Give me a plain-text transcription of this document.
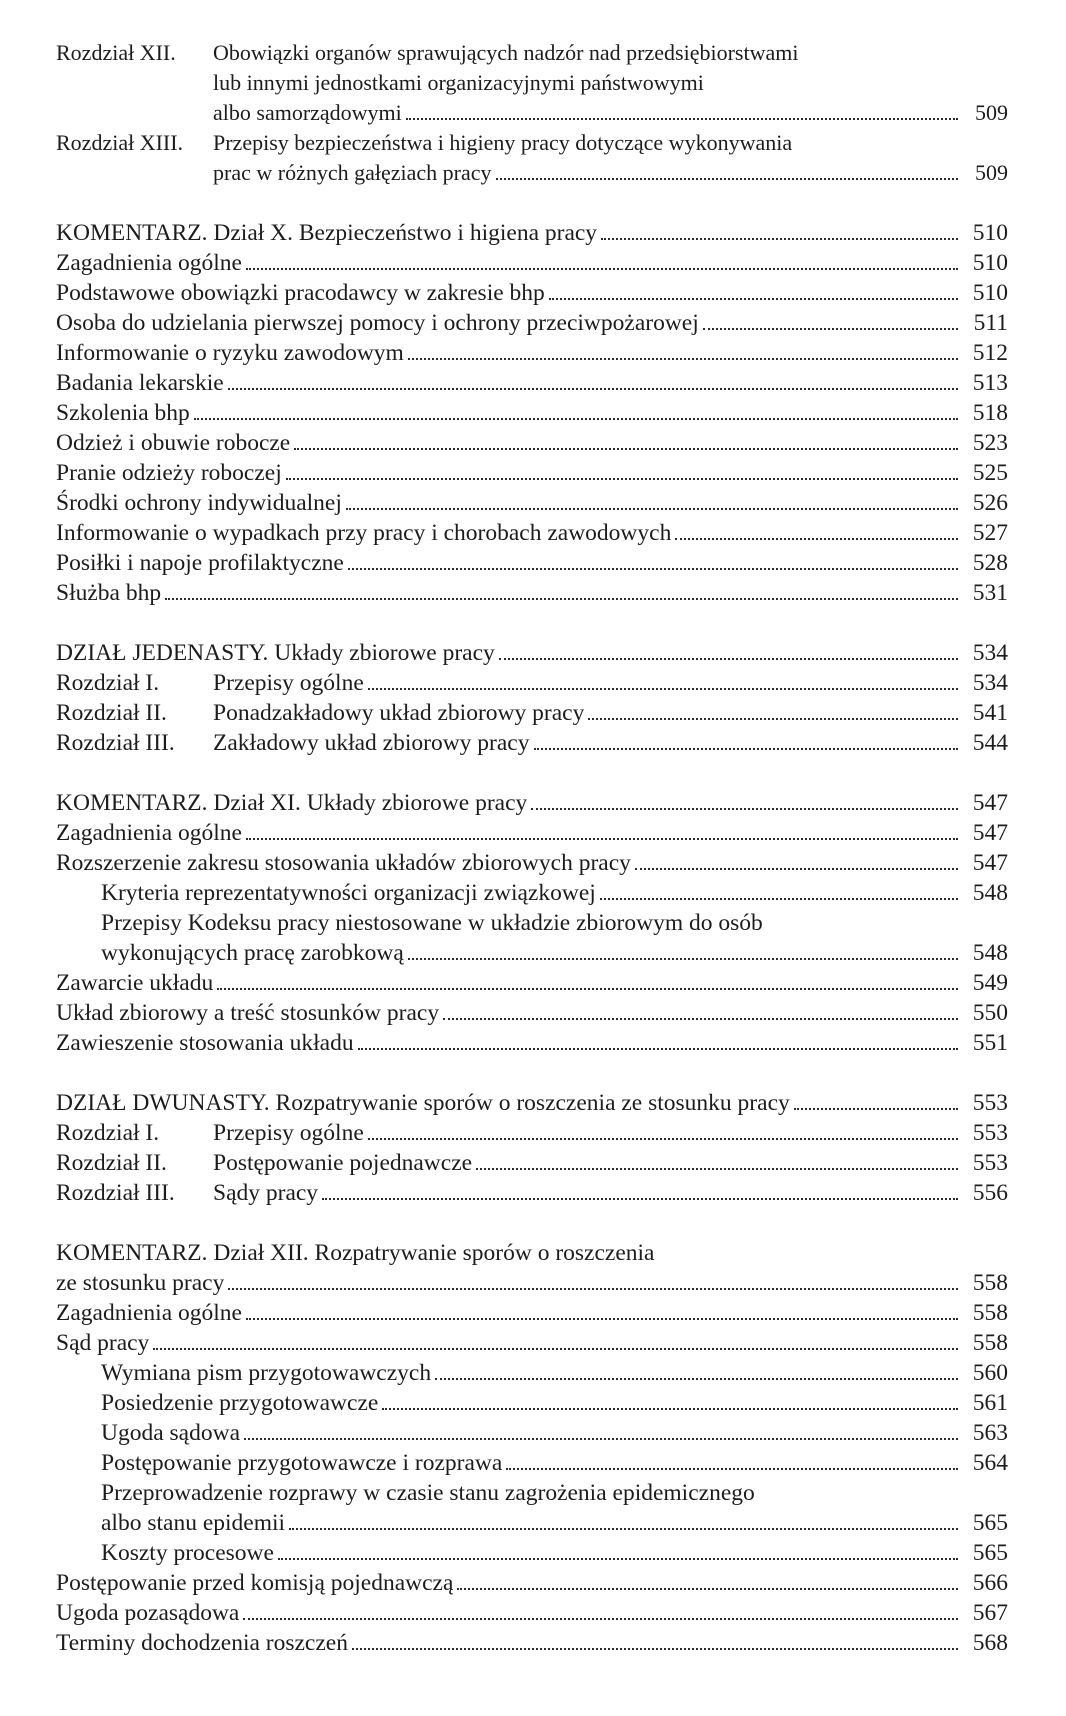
Rozdział XII. Obowiązki organów sprawujących nadzór nad przedsiębiorstwami
lub innymi jednostkami organizacyjnymi państwowymi
albo samorządowymi	509
Rozdział XIII. Przepisy bezpieczeństwa i higieny pracy dotyczące wykonywania
prac w różnych gałęziach pracy	509
KOMENTARZ. Dział X. Bezpieczeństwo i higiena pracy	510
Zagadnienia ogólne	510
Podstawowe obowiązki pracodawcy w zakresie bhp	510
Osoba do udzielania pierwszej pomocy i ochrony przeciwpożarowej	511
Informowanie o ryzyku zawodowym	512
Badania lekarskie	513
Szkolenia bhp	518
Odzież i obuwie robocze	523
Pranie odzieży roboczej	525
Środki ochrony indywidualnej	526
Informowanie o wypadkach przy pracy i chorobach zawodowych	527
Posiłki i napoje profilaktyczne	528
Służba bhp	531
DZIAŁ JEDENASTY. Układy zbiorowe pracy	534
Rozdział I.	Przepisy ogólne	534
Rozdział II.	Ponadzakładowy układ zbiorowy pracy	541
Rozdział III.	Zakładowy układ zbiorowy pracy	544
KOMENTARZ. Dział XI. Układy zbiorowe pracy	547
Zagadnienia ogólne	547
Rozszerzenie zakresu stosowania układów zbiorowych pracy	547
Kryteria reprezentatywności organizacji związkowej	548
Przepisy Kodeksu pracy niestosowane w układzie zbiorowym do osób
wykonujących pracę zarobkową	548
Zawarcie układu	549
Układ zbiorowy a treść stosunków pracy	550
Zawieszenie stosowania układu	551
DZIAŁ DWUNASTY. Rozpatrywanie sporów o roszczenia ze stosunku pracy	553
Rozdział I.	Przepisy ogólne	553
Rozdział II.	Postępowanie pojednawcze	553
Rozdział III.	Sądy pracy	556
KOMENTARZ. Dział XII. Rozpatrywanie sporów o roszczenia
ze stosunku pracy	558
Zagadnienia ogólne	558
Sąd pracy	558
Wymiana pism przygotowawczych	560
Posiedzenie przygotowawcze	561
Ugoda sądowa	563
Postępowanie przygotowawcze i rozprawa	564
Przeprowadzenie rozprawy w czasie stanu zagrożenia epidemicznego
albo stanu epidemii	565
Koszty procesowe	565
Postępowanie przed komisją pojednawczą	566
Ugoda pozasądowa	567
Terminy dochodzenia roszczeń	568
